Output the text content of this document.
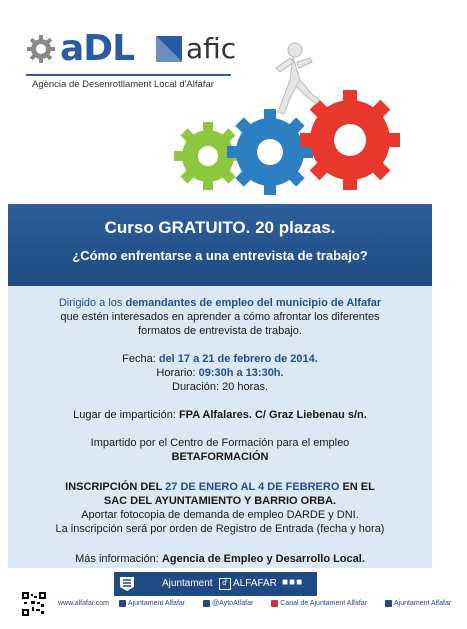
aDL afic
Agència de Desenrotllament Local d'Alfafar
Curso GRATUITO. 20 plazas.
¿Cómo enfrentarse a una entrevista de trabajo?

Dirigido a los demandantes de empleo del municipio de Alfafar

que estén interesados en aprender a cómo afrontar los diferentes

formatos de entrevista de trabajo.

Fecha: del 17 a 21 de febrero de 2014.

Horario: 09:30h a 13:30h.

Duración: 20 horas.

Lugar de impartición: FPA Alfalares. C/ Graz Liebenau s/n.

Impartido por el Centro de Formación para el empleo

BETAFORMACIÓN

INSCRIPCIÓN DEL 27 DE ENERO AL 4 DE FEBRERO EN EL

SAC DEL AYUNTAMIENTO Y BARRIO ORBA.

Aportar fotocopia de demanda de empleo DARDE y DNI.

La inscripción será por orden de Registro de Entrada (fecha y hora)

Más información: Agencia de Empleo y Desarrollo Local.

Ajuntament	d' ALFAFAR ■■■
www.alfafar.com	Ajuntament Alfafar	@AytoAlfafar	Canal de Ajuntament Alfafar	Ajuntament Alfafar
